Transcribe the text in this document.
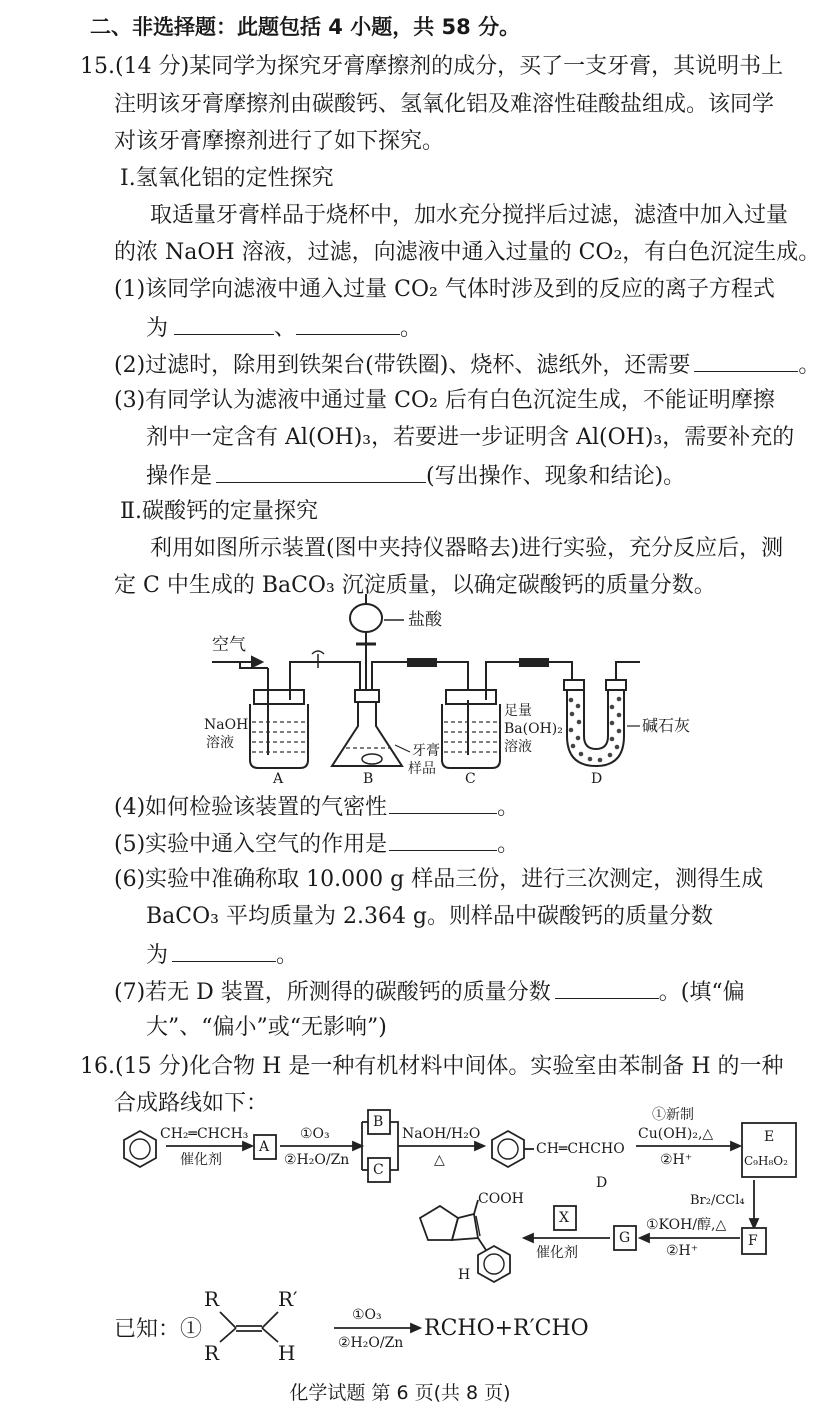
二、非选择题：此题包括 4 小题，共 58 分。
15.(14 分)某同学为探究牙膏摩擦剂的成分，买了一支牙膏，其说明书上
注明该牙膏摩擦剂由碳酸钙、氢氧化铝及难溶性硅酸盐组成。该同学
对该牙膏摩擦剂进行了如下探究。
Ⅰ.氢氧化铝的定性探究
取适量牙膏样品于烧杯中，加水充分搅拌后过滤，滤渣中加入过量
的浓 NaOH 溶液，过滤，向滤液中通入过量的 CO₂，有白色沉淀生成。
(1)该同学向滤液中通入过量 CO₂ 气体时涉及到的反应的离子方程式
为	、	。
(2)过滤时，除用到铁架台(带铁圈)、烧杯、滤纸外，还需要	。
(3)有同学认为滤液中通过量 CO₂ 后有白色沉淀生成，不能证明摩擦
剂中一定含有 Al(OH)₃，若要进一步证明含 Al(OH)₃，需要补充的
操作是	(写出操作、现象和结论)。
Ⅱ.碳酸钙的定量探究
利用如图所示装置(图中夹持仪器略去)进行实验，充分反应后，测
定 C 中生成的 BaCO₃ 沉淀质量，以确定碳酸钙的质量分数。
空气
盐酸
NaOH
溶液	牙膏
样品
足量
Ba(OH)₂
溶液
碱石灰
A	B	C	D
(4)如何检验该装置的气密性	。
(5)实验中通入空气的作用是	。
(6)实验中准确称取 10.000 g 样品三份，进行三次测定，测得生成
BaCO₃ 平均质量为 2.364 g。则样品中碳酸钙的质量分数
为	。
(7)若无 D 装置，所测得的碳酸钙的质量分数	。(填“偏
大”、“偏小”或“无影响”)
16.(15 分)化合物 H 是一种有机材料中间体。实验室由苯制备 H 的一种
合成路线如下：
CH₂═CHCH₃
催化剂
A
①O₃
②H₂O/Zn
B
C
NaOH/H₂O
△
CH═CHCHO
D
①新制
Cu(OH)₂,△
②H⁺
E
C₉H₈O₂
Br₂/CCl₄
F
①KOH/醇,△
②H⁺
G
X
催化剂
COOH
H
已知：①
R
R
R′
H
①O₃
②H₂O/Zn
RCHO+R′CHO
化学试题 第 6 页(共 8 页)
